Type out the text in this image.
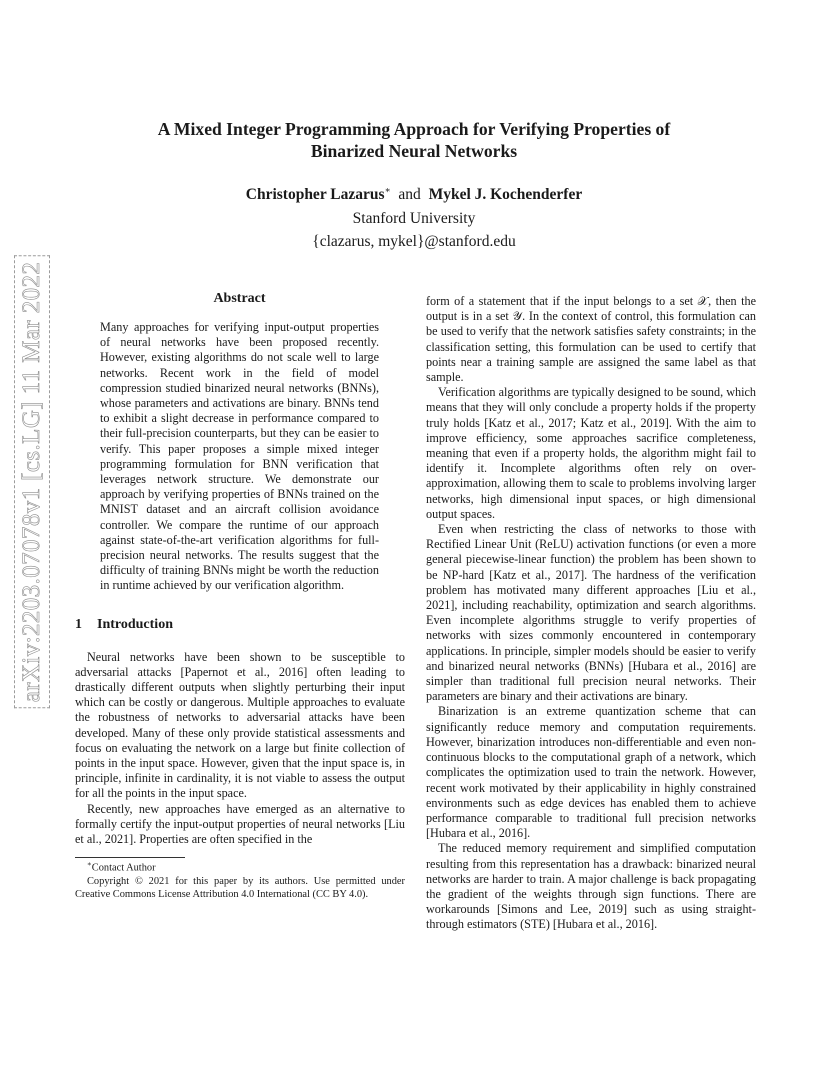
arXiv:2203.07078v1 [cs.LG] 11 Mar 2022
A Mixed Integer Programming Approach for Verifying Properties of
Binarized Neural Networks
Christopher Lazarus∗ and Mykel J. Kochenderfer
Stanford University
{clazarus, mykel}@stanford.edu
Abstract
Many approaches for verifying input-output properties of neural networks have been proposed recently. However, existing algorithms do not scale well to large networks. Recent work in the field of model compression studied binarized neural networks (BNNs), whose parameters and activations are binary. BNNs tend to exhibit a slight decrease in performance compared to their full-precision counterparts, but they can be easier to verify. This paper proposes a simple mixed integer programming formulation for BNN verification that leverages network structure. We demonstrate our approach by verifying properties of BNNs trained on the MNIST dataset and an aircraft collision avoidance controller. We compare the runtime of our approach against state-of-the-art verification algorithms for full-precision neural networks. The results suggest that the difficulty of training BNNs might be worth the reduction in runtime achieved by our verification algorithm.
1	Introduction

Neural networks have been shown to be susceptible to adversarial attacks [Papernot et al., 2016] often leading to drastically different outputs when slightly perturbing their input which can be costly or dangerous. Multiple approaches to evaluate the robustness of networks to adversarial attacks have been developed. Many of these only provide statistical assessments and focus on evaluating the network on a large but finite collection of points in the input space. However, given that the input space is, in principle, infinite in cardinality, it is not viable to assess the output for all the points in the input space.

Recently, new approaches have emerged as an alternative to formally certify the input-output properties of neural networks [Liu et al., 2021]. Properties are often specified in the

∗Contact Author
Copyright © 2021 for this paper by its authors. Use permitted under Creative Commons License Attribution 4.0 International (CC BY 4.0).

form of a statement that if the input belongs to a set 𝒳, then the output is in a set 𝒴. In the context of control, this formulation can be used to verify that the network satisfies safety constraints; in the classification setting, this formulation can be used to certify that points near a training sample are assigned the same label as that sample.

Verification algorithms are typically designed to be sound, which means that they will only conclude a property holds if the property truly holds [Katz et al., 2017; Katz et al., 2019]. With the aim to improve efficiency, some approaches sacrifice completeness, meaning that even if a property holds, the algorithm might fail to identify it. Incomplete algorithms often rely on over-approximation, allowing them to scale to problems involving larger networks, high dimensional input spaces, or high dimensional output spaces.

Even when restricting the class of networks to those with Rectified Linear Unit (ReLU) activation functions (or even a more general piecewise-linear function) the problem has been shown to be NP-hard [Katz et al., 2017]. The hardness of the verification problem has motivated many different approaches [Liu et al., 2021], including reachability, optimization and search algorithms. Even incomplete algorithms struggle to verify properties of networks with sizes commonly encountered in contemporary applications. In principle, simpler models should be easier to verify and binarized neural networks (BNNs) [Hubara et al., 2016] are simpler than traditional full precision neural networks. Their parameters are binary and their activations are binary.

Binarization is an extreme quantization scheme that can significantly reduce memory and computation requirements. However, binarization introduces non-differentiable and even non-continuous blocks to the computational graph of a network, which complicates the optimization used to train the network. However, recent work motivated by their applicability in highly constrained environments such as edge devices has enabled them to achieve performance comparable to traditional full precision networks [Hubara et al., 2016].

The reduced memory requirement and simplified computation resulting from this representation has a drawback: binarized neural networks are harder to train. A major challenge is back propagating the gradient of the weights through sign functions. There are workarounds [Simons and Lee, 2019] such as using straight-through estimators (STE) [Hubara et al., 2016].
